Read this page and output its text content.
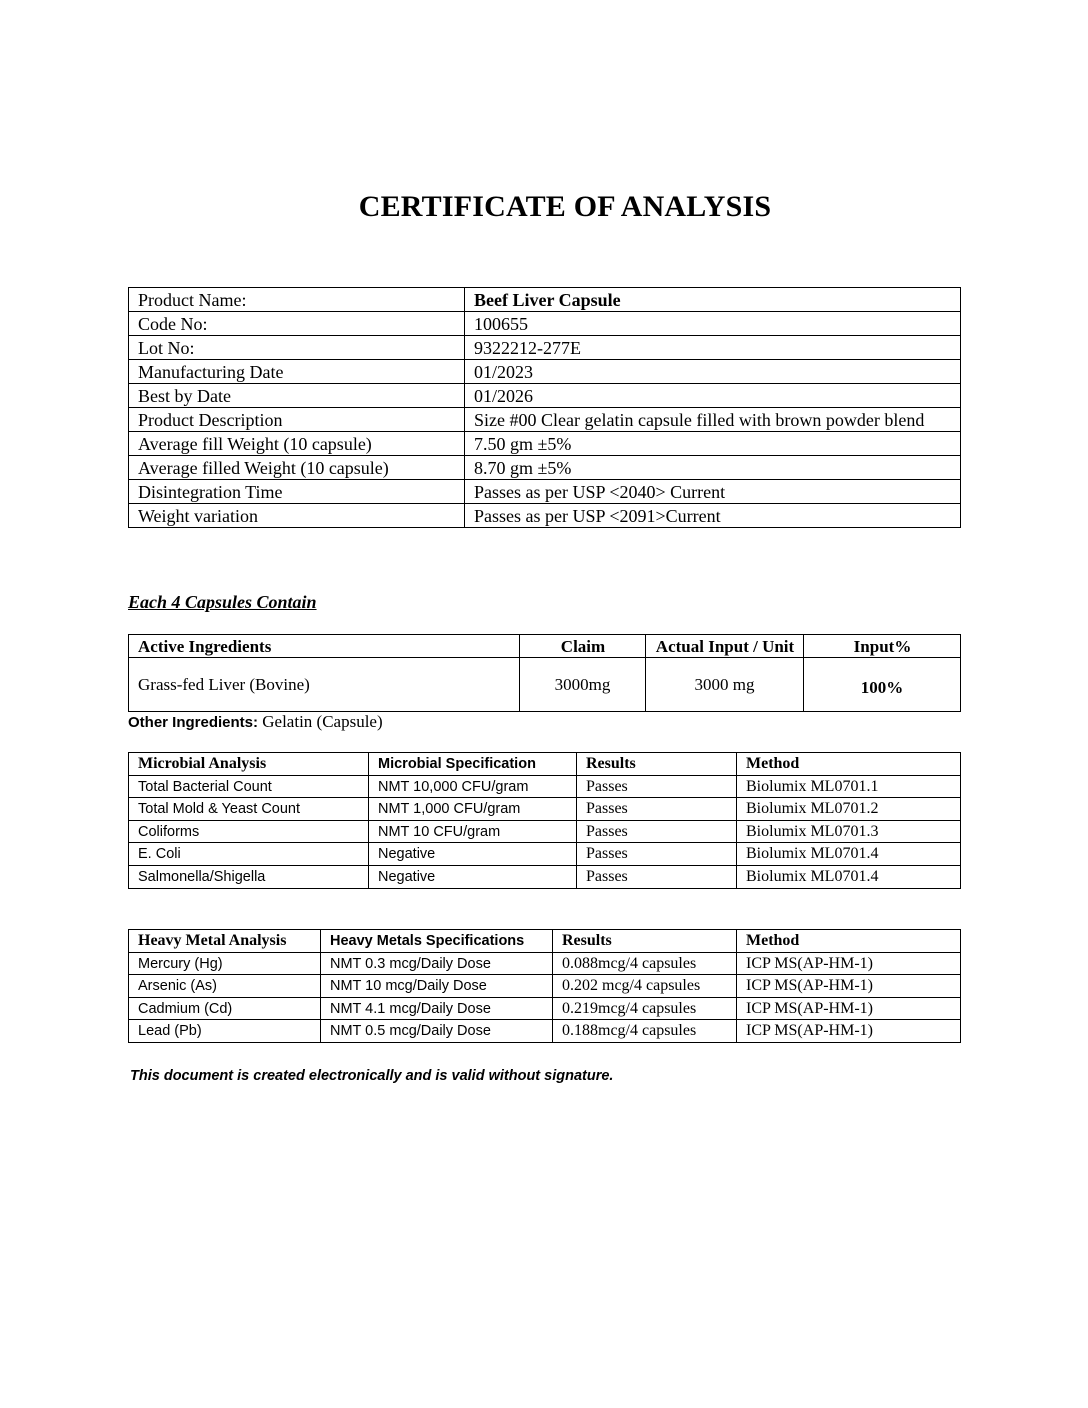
CERTIFICATE OF ANALYSIS
Product Name:	Beef Liver Capsule
Code No:	100655
Lot No:	9322212-277E
Manufacturing Date	01/2023
Best by Date	01/2026
Product Description	Size #00 Clear gelatin capsule filled with brown powder blend
Average fill Weight (10 capsule)	7.50 gm ±5%
Average filled Weight (10 capsule)	8.70 gm ±5%
Disintegration Time	Passes as per USP <2040> Current
Weight variation	Passes as per USP <2091>Current
Each 4 Capsules Contain
Active Ingredients	Claim	Actual Input / Unit	Input%
Grass-fed Liver (Bovine)	3000mg	3000 mg	100%
Other Ingredients: Gelatin (Capsule)
Microbial Analysis	Microbial Specification	Results	Method
Total Bacterial Count	NMT 10,000 CFU/gram	Passes	Biolumix ML0701.1
Total Mold & Yeast Count	NMT 1,000 CFU/gram	Passes	Biolumix ML0701.2
Coliforms	NMT 10 CFU/gram	Passes	Biolumix ML0701.3
E. Coli	Negative	Passes	Biolumix ML0701.4
Salmonella/Shigella	Negative	Passes	Biolumix ML0701.4
Heavy Metal Analysis	Heavy Metals Specifications	Results	Method
Mercury (Hg)	NMT 0.3 mcg/Daily Dose	0.088mcg/4 capsules	ICP MS(AP-HM-1)
Arsenic (As)	NMT 10 mcg/Daily Dose	0.202 mcg/4 capsules	ICP MS(AP-HM-1)
Cadmium (Cd)	NMT 4.1 mcg/Daily Dose	0.219mcg/4 capsules	ICP MS(AP-HM-1)
Lead (Pb)	NMT 0.5 mcg/Daily Dose	0.188mcg/4 capsules	ICP MS(AP-HM-1)
This document is created electronically and is valid without signature.
